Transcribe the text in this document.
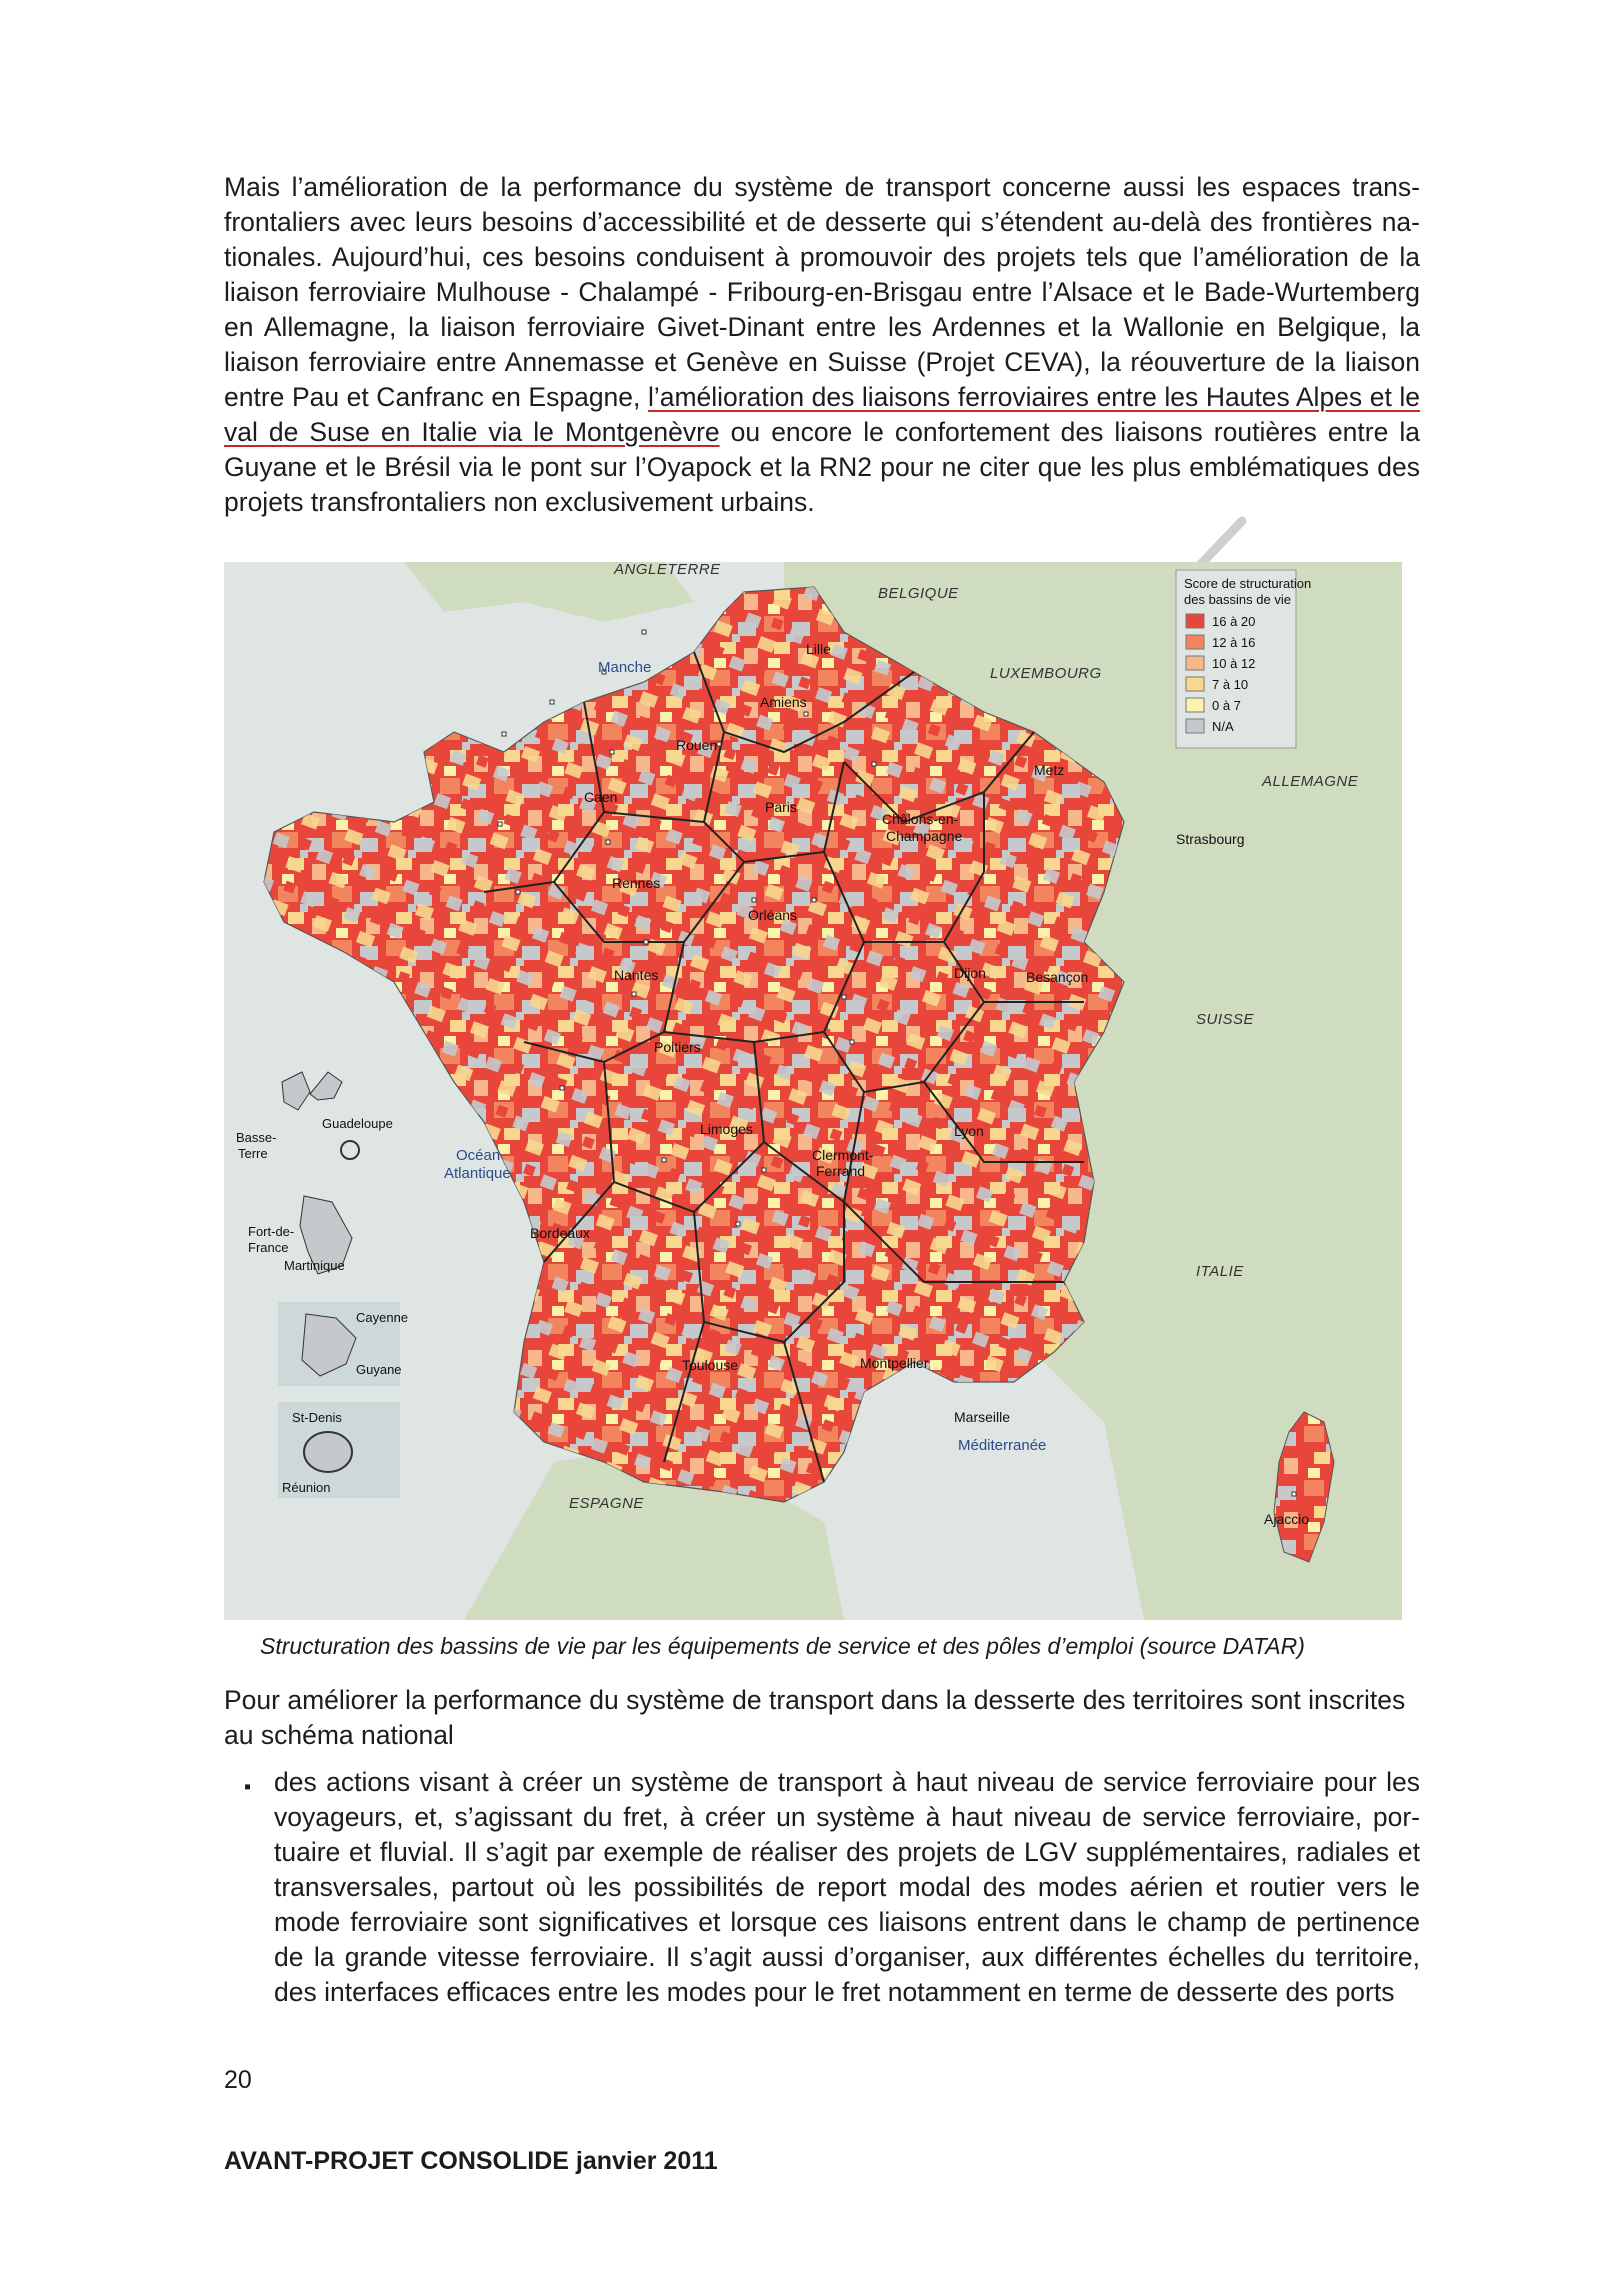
Mais l’amélioration de la performance du système de transport concerne aussi les espaces transfrontaliers avec leurs besoins d’accessibilité et de desserte qui s’étendent au-delà des frontières nationales. Aujourd’hui, ces besoins conduisent à promouvoir des projets tels que l’amélioration de la liaison ferroviaire Mulhouse - Chalampé - Fribourg-en-Brisgau entre l’Alsace et le Bade-Wurtemberg en Allemagne, la liaison ferroviaire Givet-Dinant entre les Ardennes et la Wallonie en Belgique, la liaison ferroviaire entre Annemasse et Genève en Suisse (Projet CEVA), la réouverture de la liaison entre Pau et Canfranc en Espagne, l’amélioration des liaisons ferroviaires entre les Hautes Alpes et le val de Suse en Italie via le Montgenèvre ou encore le confortement des liaisons routières entre la Guyane et le Brésil via le pont sur l’Oyapock et la RN2 pour ne citer que les plus emblématiques des projets transfrontaliers non exclusivement urbains.

ANGLETERRE
BELGIQUE
LUXEMBOURG
ALLEMAGNE
SUISSE
ITALIE
ESPAGNE
Manche
Océan
Atlantique
Méditerranée
Lille
Amiens
Rouen
Caen
Paris
Châlons-en-
Champagne
Metz
Strasbourg
Rennes
Orléans
Nantes	Dijon	Besançon
Poitiers
Limoges
Clermont-
Ferrand
Lyon
Bordeaux
Toulouse	Montpellier
Marseille
Ajaccio
Guadeloupe
Basse-
Terre
Fort-de-
France
Martinique
Cayenne
Guyane
St-Denis
Réunion
Score de structuration
des bassins de vie
16 à 20
12 à 16
10 à 12
7 à 10
0 à 7
N/A

Structuration des bassins de vie par les équipements de service et des pôles d’emploi (source DATAR)

Pour améliorer la performance du système de transport dans la desserte des territoires sont inscrites au schéma national

▪ des actions visant à créer un système de transport à haut niveau de service ferroviaire pour les voyageurs, et, s’agissant du fret, à créer un système à haut niveau de service ferroviaire, portuaire et fluvial. Il s’agit par exemple de réaliser des projets de LGV supplémentaires, radiales et transversales, partout où les possibilités de report modal des modes aérien et routier vers le mode ferroviaire sont significatives et lorsque ces liaisons entrent dans le champ de pertinence de la grande vitesse ferroviaire. Il s’agit aussi d’organiser, aux différentes échelles du territoire, des interfaces efficaces entre les modes pour le fret notamment en terme de desserte des ports

20
AVANT-PROJET CONSOLIDE janvier 2011
